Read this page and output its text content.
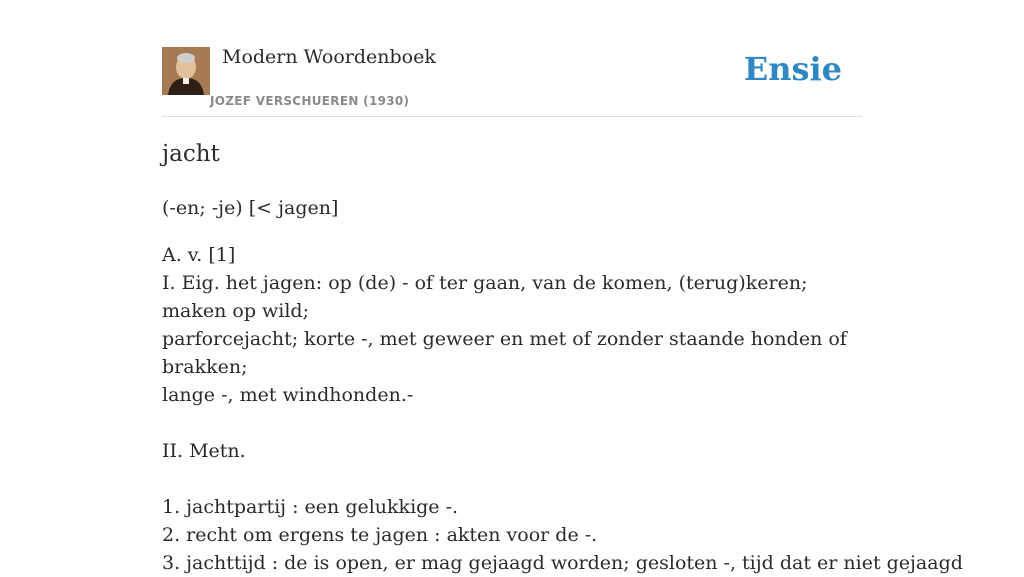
Modern Woordenboek
JOZEF VERSCHUEREN (1930)
Ensie
jacht

(-en; -je) [< jagen]

A. v. [1]
I. Eig. het jagen: op (de) - of ter gaan, van de komen, (terug)keren; maken op wild;
parforcejacht; korte -, met geweer en met of zonder staande honden of brakken;
lange -, met windhonden.-
II. Metn.
1. jachtpartij : een gelukkige -.
2. recht om ergens te jagen : akten voor de -.
3. jachttijd : de is open, er mag gejaagd worden; gesloten -, tijd dat er niet gejaagd
